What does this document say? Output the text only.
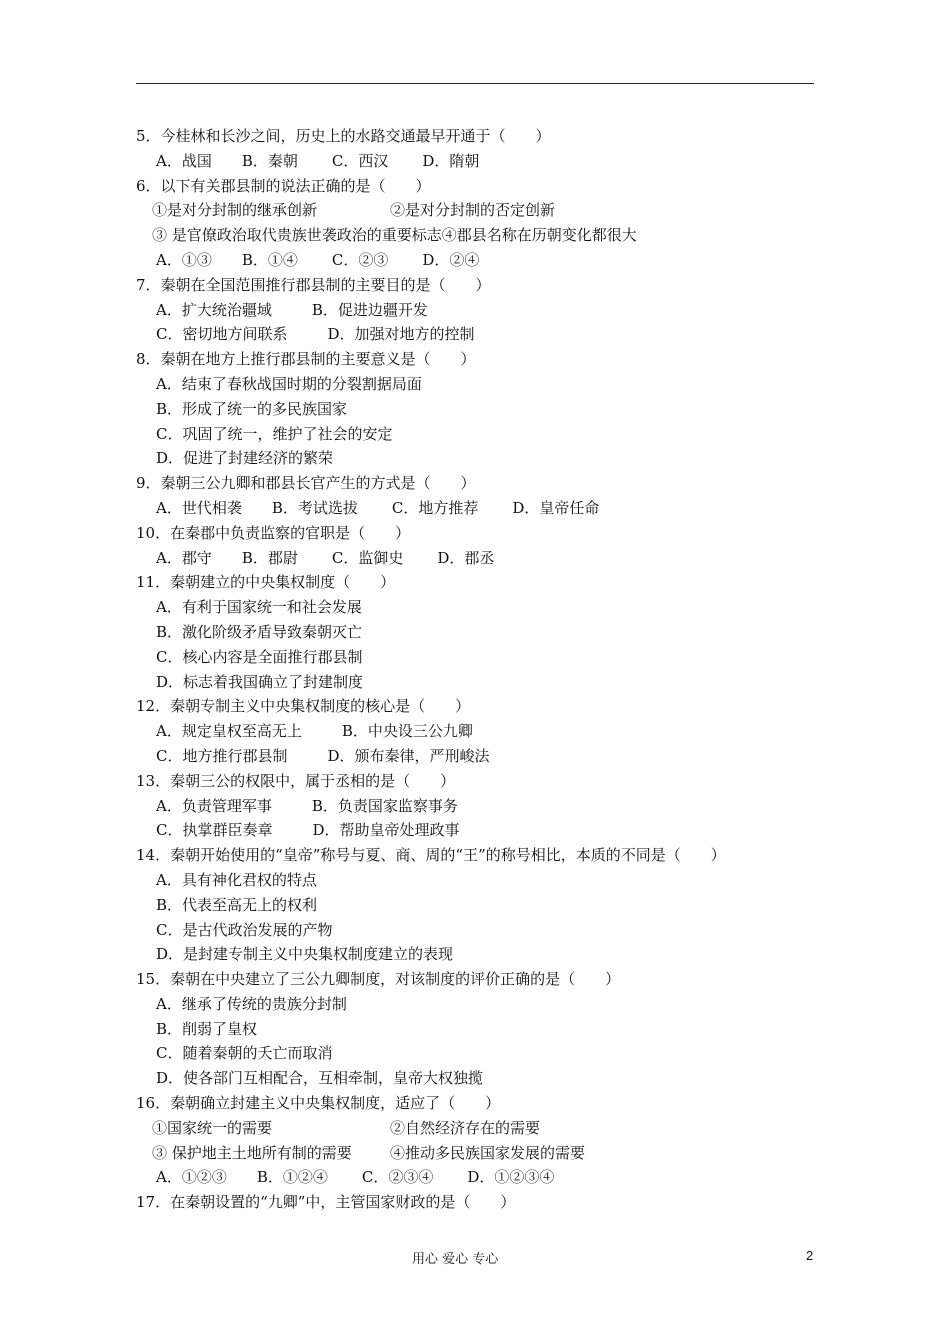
5．今桂林和长沙之间，历史上的水路交通最早开通于（　　）
A．战国 B．秦朝 C．西汉 D．隋朝
6．以下有关郡县制的说法正确的是（　　）
①是对分封制的继承创新	②是对分封制的否定创新
③ 是官僚政治取代贵族世袭政治的重要标志④郡县名称在历朝变化都很大
A．①③ B．①④ C．②③ D．②④
7．秦朝在全国范围推行郡县制的主要目的是（　　）
A．扩大统治疆域	B．促进边疆开发
C．密切地方间联系	D．加强对地方的控制
8．秦朝在地方上推行郡县制的主要意义是（　　）
A．结束了春秋战国时期的分裂割据局面
B．形成了统一的多民族国家
C．巩固了统一，维护了社会的安定
D．促进了封建经济的繁荣
9．秦朝三公九卿和郡县长官产生的方式是（　　）
A．世代相袭 B．考试选拔 C．地方推荐 D．皇帝任命
10．在秦郡中负责监察的官职是（　　）
A．郡守 B．郡尉 C．监御史 D．郡丞
11．秦朝建立的中央集权制度（　　）
A．有利于国家统一和社会发展
B．激化阶级矛盾导致秦朝灭亡
C．核心内容是全面推行郡县制
D．标志着我国确立了封建制度
12．秦朝专制主义中央集权制度的核心是（　　）
A．规定皇权至高无上	B．中央设三公九卿
C．地方推行郡县制	D．颁布秦律，严刑峻法
13．秦朝三公的权限中，属于丞相的是（　　）
A．负责管理军事	B．负责国家监察事务
C．执掌群臣奏章	D．帮助皇帝处理政事
14．秦朝开始使用的“皇帝”称号与夏、商、周的“王”的称号相比，本质的不同是（　　）
A．具有神化君权的特点
B．代表至高无上的权利
C．是古代政治发展的产物
D．是封建专制主义中央集权制度建立的表现
15．秦朝在中央建立了三公九卿制度，对该制度的评价正确的是（　　）
A．继承了传统的贵族分封制
B．削弱了皇权
C．随着秦朝的夭亡而取消
D．使各部门互相配合，互相牵制，皇帝大权独揽
16．秦朝确立封建主义中央集权制度，适应了（　　）
①国家统一的需要	②自然经济存在的需要
③ 保护地主土地所有制的需要	④推动多民族国家发展的需要
A．①②③ B．①②④ C．②③④ D．①②③④
17．在秦朝设置的“九卿”中，主管国家财政的是（　　）
用心 爱心 专心	2
